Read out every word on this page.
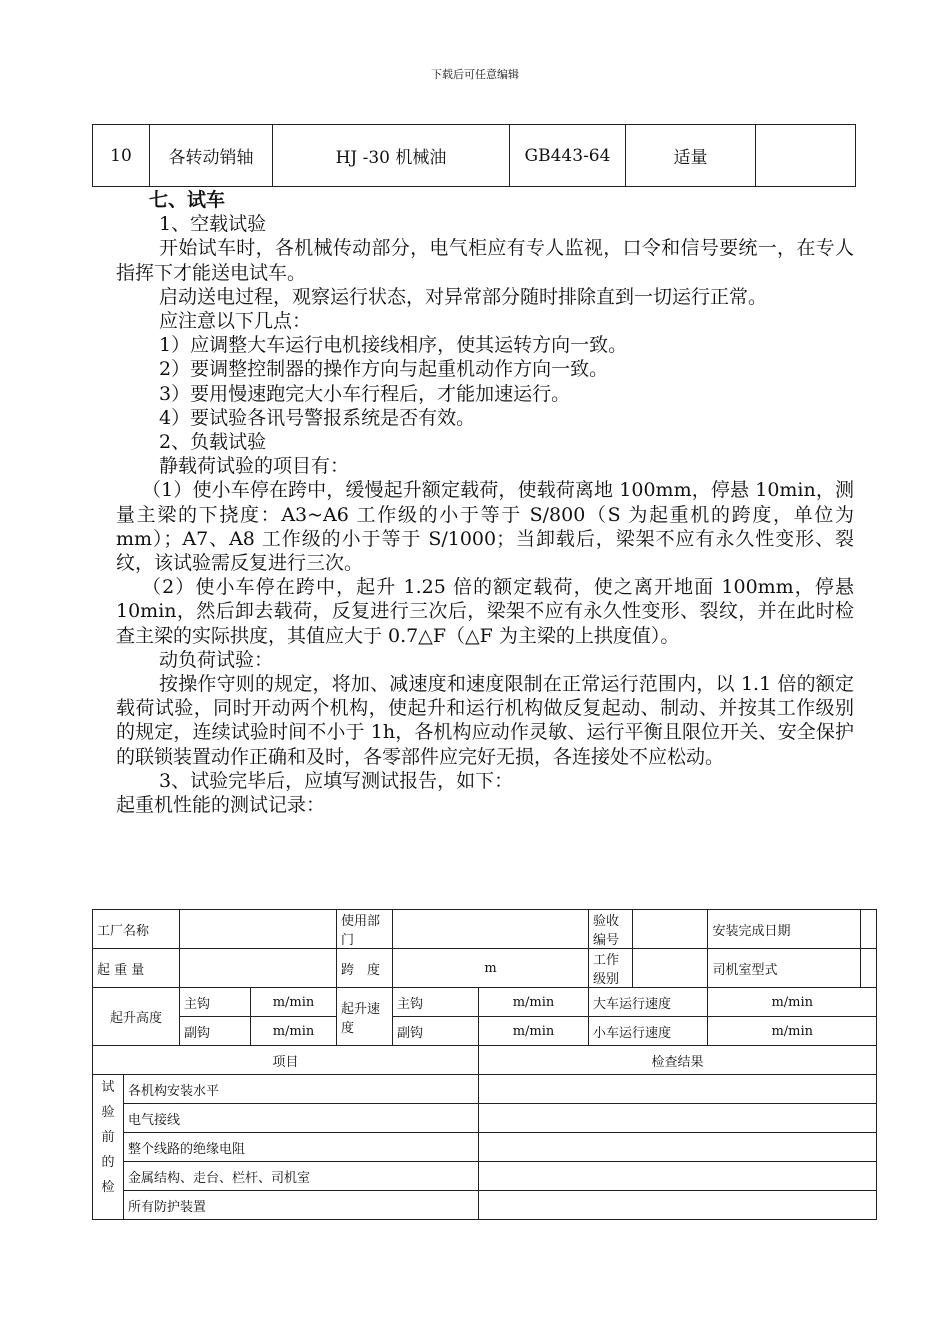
下载后可任意编辑
10	各转动销轴	HJ -30 机械油	GB443-64	适量	

七、试车

1、空载试验

开始试车时，各机械传动部分，电气柜应有专人监视，口令和信号要统一，在专人指挥下才能送电试车。

启动送电过程，观察运行状态，对异常部分随时排除直到一切运行正常。

应注意以下几点：

1）应调整大车运行电机接线相序，使其运转方向一致。

2）要调整控制器的操作方向与起重机动作方向一致。

3）要用慢速跑完大小车行程后，才能加速运行。

4）要试验各讯号警报系统是否有效。

2、负载试验

静载荷试验的项目有：

（1）使小车停在跨中，缓慢起升额定载荷，使载荷离地 100mm，停悬 10min，测量主梁的下挠度：A3~A6 工作级的小于等于 S/800（S 为起重机的跨度，单位为 mm）；A7、A8 工作级的小于等于 S/1000；当卸载后，梁架不应有永久性变形、裂纹，该试验需反复进行三次。

（2）使小车停在跨中，起升 1.25 倍的额定载荷，使之离开地面 100mm，停悬 10min，然后卸去载荷，反复进行三次后，梁架不应有永久性变形、裂纹，并在此时检查主梁的实际拱度，其值应大于 0.7△F（△F 为主梁的上拱度值）。

动负荷试验：

按操作守则的规定，将加、减速度和速度限制在正常运行范围内，以 1.1 倍的额定载荷试验，同时开动两个机构，使起升和运行机构做反复起动、制动、并按其工作级别的规定，连续试验时间不小于 1h，各机构应动作灵敏、运行平衡且限位开关、安全保护的联锁装置动作正确和及时，各零部件应完好无损，各连接处不应松动。

3、试验完毕后，应填写测试报告，如下：

起重机性能的测试记录：

工厂名称				使用部门			验收编号		安装完成日期	
起 重 量				跨　度	m		工作级别		司机室型式	
起升高度		主钩	m/min	起升速度	主钩	m/min	大车运行速度		m/min	
		副钩	m/min		副钩	m/min	小车运行速度		m/min	
项目						检查结果				

试
验
前
的
检	各机构安装水平									
	电气接线									
	整个线路的绝缘电阻									
	金属结构、走台、栏杆、司机室									
	所有防护装置									
